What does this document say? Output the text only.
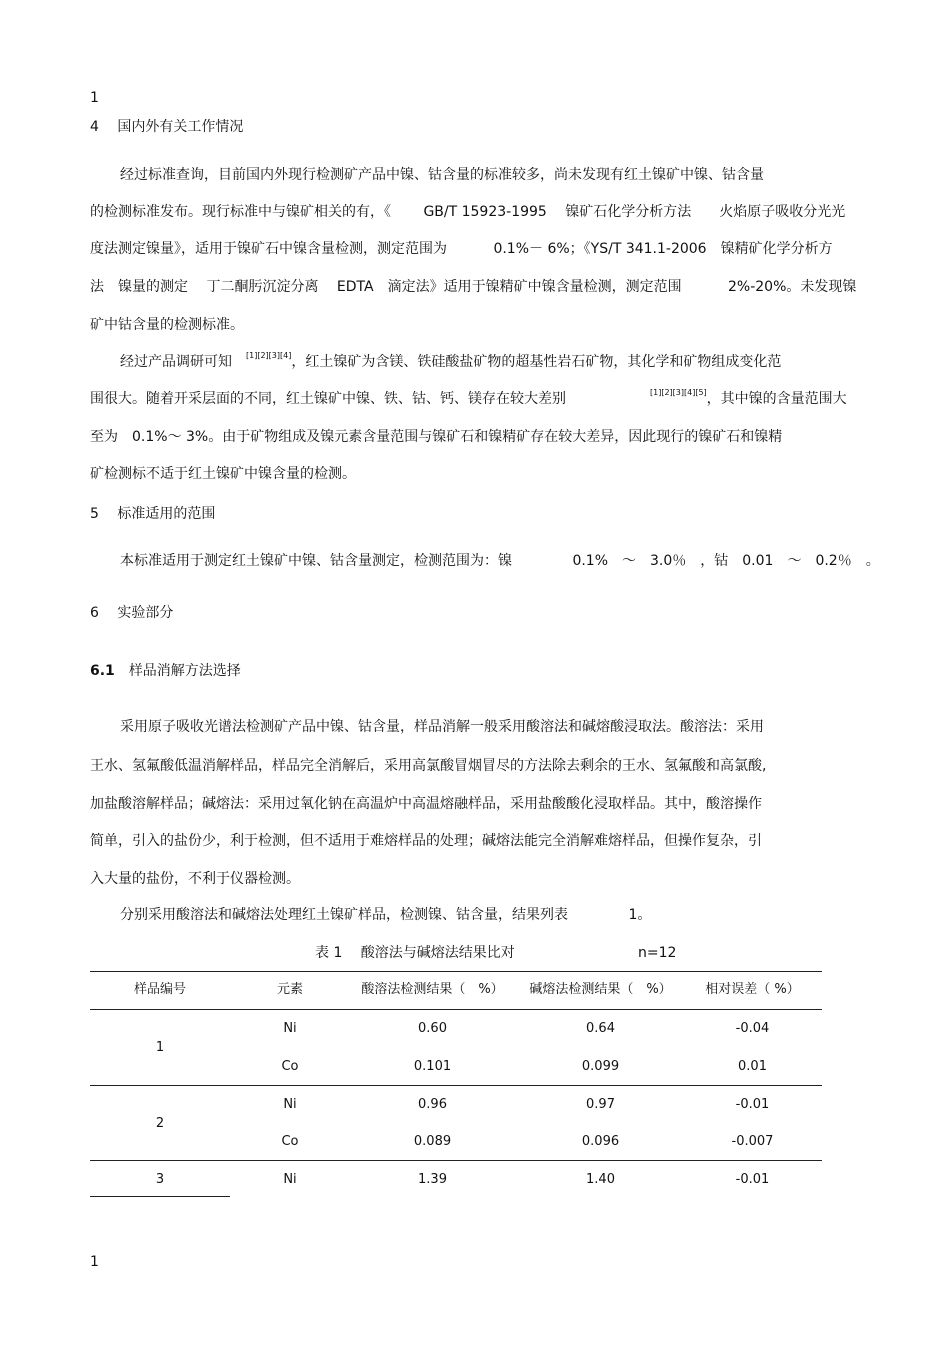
1
4　 国内外有关工作情况
经过标准查询，目前国内外现行检测矿产品中镍、钴含量的标准较多，尚未发现有红土镍矿中镍、钴含量
的检测标准发布。现行标准中与镍矿相关的有，《　　 GB/T 15923-1995　 镍矿石化学分析方法　　火焰原子吸收分光光
度法测定镍量》，适用于镍矿石中镍含量检测，测定范围为　　　 0.1%－ 6%；《YS/T 341.1-2006　镍精矿化学分析方
法　镍量的测定　 丁二酮肟沉淀分离　 EDTA　滴定法》适用于镍精矿中镍含量检测，测定范围　　　 2%-20%。未发现镍
矿中钴含量的检测标准。
经过产品调研可知　[1][2][3][4]，红土镍矿为含镁、铁硅酸盐矿物的超基性岩石矿物，其化学和矿物组成变化范
围很大。随着开采层面的不同，红土镍矿中镍、铁、钴、钙、镁存在较大差别　　　　　　[1][2][3][4][5]，其中镍的含量范围大
至为　0.1%～ 3%。由于矿物组成及镍元素含量范围与镍矿石和镍精矿存在较大差异，因此现行的镍矿石和镍精
矿检测标不适于红土镍矿中镍含量的检测。
5　 标准适用的范围
本标准适用于测定红土镍矿中镍、钴含量测定，检测范围为：镍　　　　 0.1%　～　3.0％　，钴　0.01　～　0.2％　。
6　 实验部分
6.1　 样品消解方法选择
采用原子吸收光谱法检测矿产品中镍、钴含量，样品消解一般采用酸溶法和碱熔酸浸取法。酸溶法：采用
王水、氢氟酸低温消解样品，样品完全消解后，采用高氯酸冒烟冒尽的方法除去剩余的王水、氢氟酸和高氯酸,
加盐酸溶解样品；碱熔法：采用过氧化钠在高温炉中高温熔融样品，采用盐酸酸化浸取样品。其中，酸溶操作
简单，引入的盐份少，利于检测，但不适用于难熔样品的处理；碱熔法能完全消解难熔样品，但操作复杂，引
入大量的盐份，不利于仪器检测。
分别采用酸溶法和碱熔法处理红土镍矿样品，检测镍、钴含量，结果列表　　　　 1。
表 1　 酸溶法与碱熔法结果比对	n=12
样品编号	元素	酸溶法检测结果（　%）	碱熔法检测结果（　%）	相对误差（ %）
1
Ni	0.60	0.64	-0.04
Co	0.101	0.099	0.01
2
Ni	0.96	0.97	-0.01
Co	0.089	0.096	-0.007
3	Ni	1.39	1.40	-0.01
1
